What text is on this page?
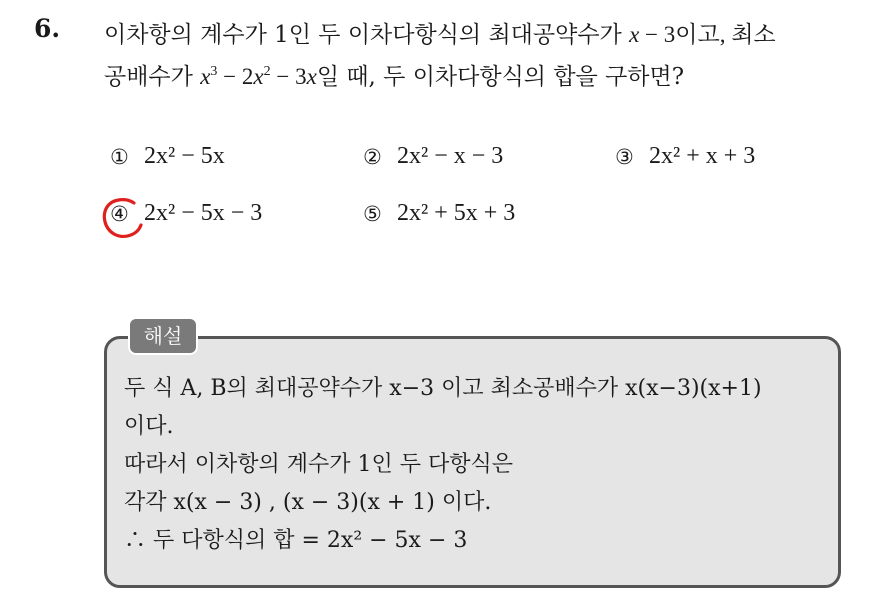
6. 이차항의 계수가 1인 두 이차다항식의 최대공약수가 x − 3이고, 최소
공배수가 $x^3 - 2x^2 - 3x$일 때, 두 이차다항식의 합을 구하면?
① 2x² − 5x	② 2x² − x − 3	③ 2x² + x + 3
④ 2x² − 5x − 3	⑤ 2x² + 5x + 3
해설
두 식 A, B의 최대공약수가 x−3 이고 최소공배수가 x(x−3)(x+1)
이다.
따라서 이차항의 계수가 1인 두 다항식은
각각 x(x − 3) , (x − 3)(x + 1) 이다.
∴ 두 다항식의 합 = 2x² − 5x − 3
